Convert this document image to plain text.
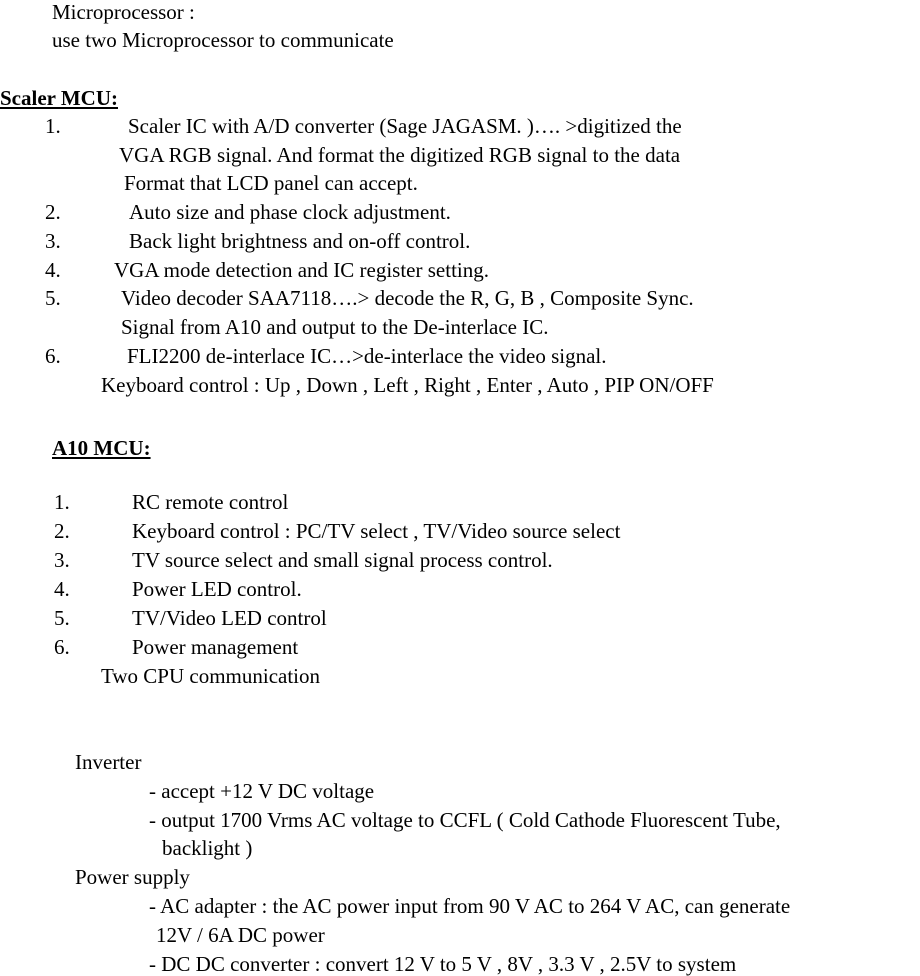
Microprocessor :
use two Microprocessor to communicate
Scaler MCU:
1.	Scaler IC with A/D converter (Sage JAGASM. )…. >digitized the
VGA RGB signal. And format the digitized RGB signal to the data
Format that LCD panel can accept.
2.	Auto size and phase clock adjustment.
3.	Back light brightness and on-off control.
4.	VGA mode detection and IC register setting.
5.	Video decoder SAA7118….> decode the R, G, B , Composite Sync.
Signal from A10 and output to the De-interlace IC.
6.	FLI2200 de-interlace IC…>de-interlace the video signal.
Keyboard control : Up , Down , Left , Right , Enter , Auto , PIP ON/OFF
A10 MCU:
1.	RC remote control
2.	Keyboard control : PC/TV select , TV/Video source select
3.	TV source select and small signal process control.
4.	Power LED control.
5.	TV/Video LED control
6.	Power management
Two CPU communication
Inverter
- accept +12 V DC voltage
- output 1700 Vrms AC voltage to CCFL ( Cold Cathode Fluorescent Tube,
backlight )
Power supply
- AC adapter : the AC power input from 90 V AC to 264 V AC, can generate
12V / 6A DC power
- DC DC converter : convert 12 V to 5 V , 8V , 3.3 V , 2.5V to system
